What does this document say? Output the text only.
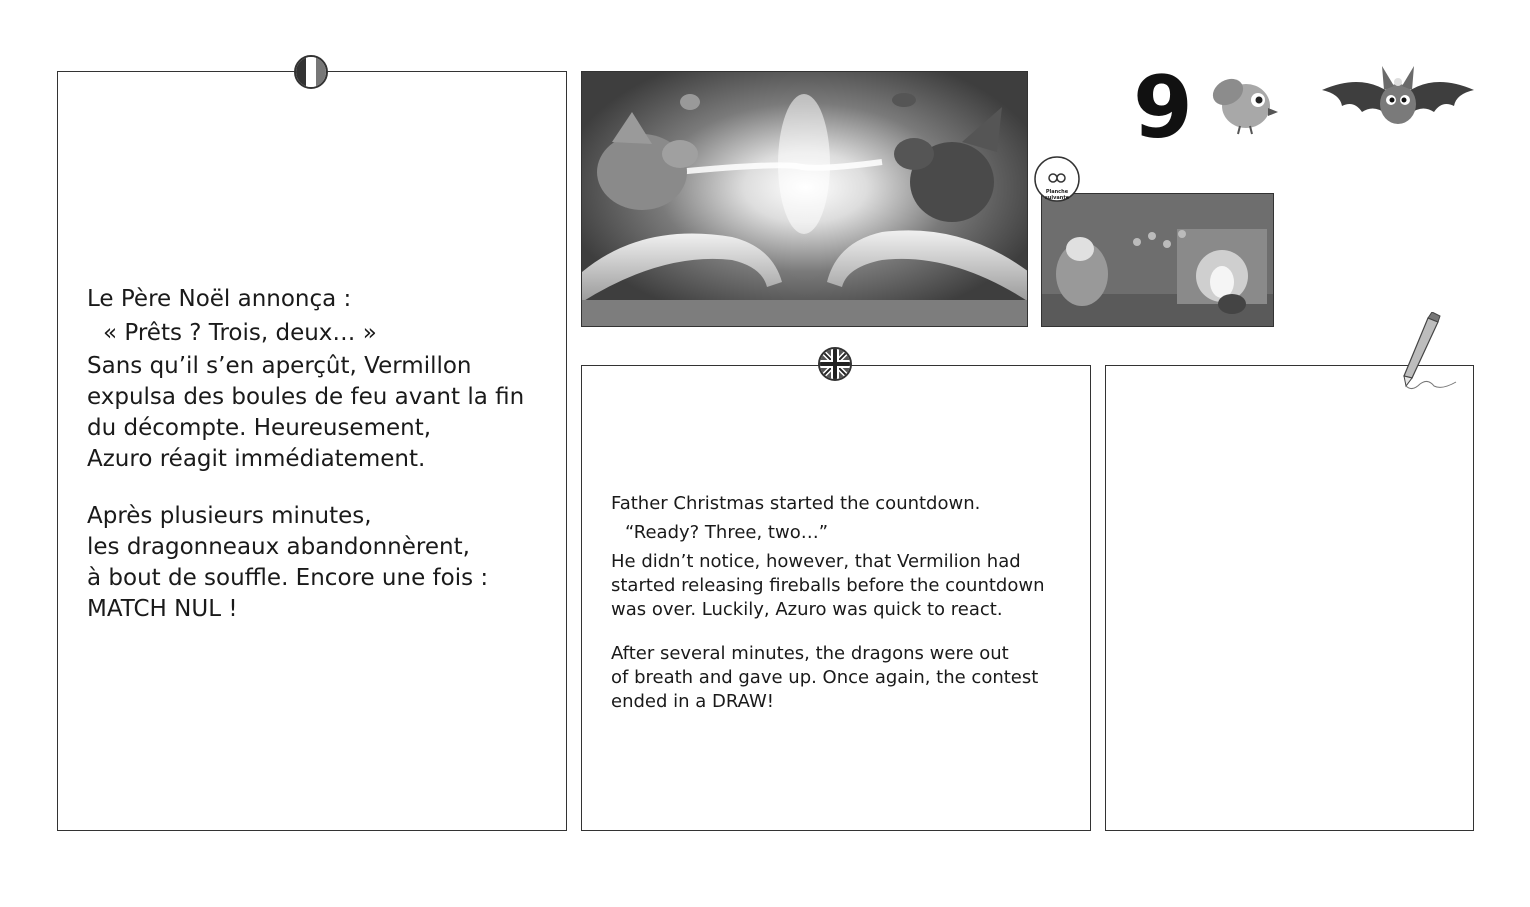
Le Père Noël annonça :

« Prêts ? Trois, deux… »

Sans qu’il s’en aperçût, Vermillon

expulsa des boules de feu avant la fin

du décompte. Heureusement,

Azuro réagit immédiatement.

Après plusieurs minutes,

les dragonneaux abandonnèrent,

à bout de souffle. Encore une fois :

MATCH NUL !

Planche suivante
9

Father Christmas started the countdown.

“Ready? Three, two…”

He didn’t notice, however, that Vermilion had

started releasing fireballs before the countdown

was over. Luckily, Azuro was quick to react.

After several minutes, the dragons were out

of breath and gave up. Once again, the contest

ended in a DRAW!
